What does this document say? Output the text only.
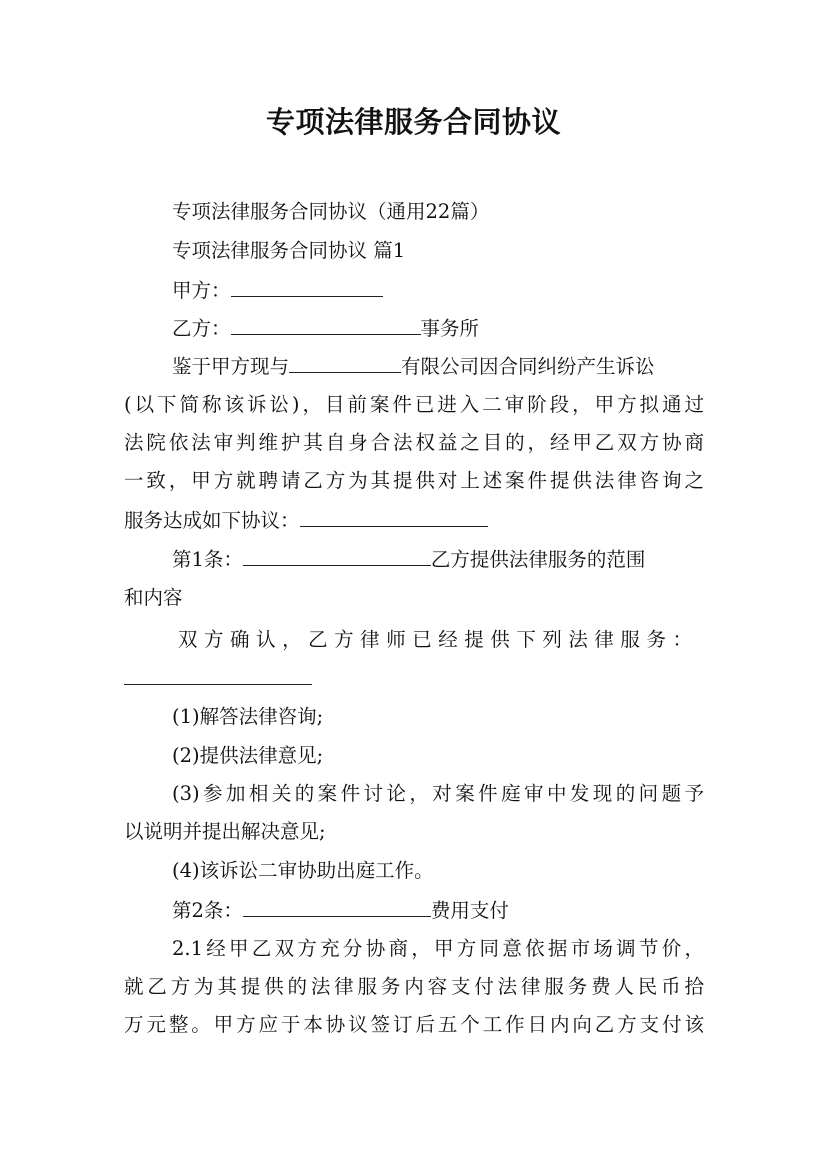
专项法律服务合同协议
专项法律服务合同协议（通用22篇）
专项法律服务合同协议 篇1
甲方：
乙方：	事务所
鉴于甲方现与	有限公司因合同纠纷产生诉讼
(以下简称该诉讼)，目前案件已进入二审阶段，甲方拟通过
法院依法审判维护其自身合法权益之目的，经甲乙双方协商
一致，甲方就聘请乙方为其提供对上述案件提供法律咨询之
服务达成如下协议：
第1条：	乙方提供法律服务的范围
和内容
双方确认，乙方律师已经提供下列法律服务：
(1)解答法律咨询;
(2)提供法律意见;
(3)参加相关的案件讨论，对案件庭审中发现的问题予
以说明并提出解决意见;
(4)该诉讼二审协助出庭工作。
第2条：	费用支付
2.1经甲乙双方充分协商，甲方同意依据市场调节价，
就乙方为其提供的法律服务内容支付法律服务费人民币拾
万元整。甲方应于本协议签订后五个工作日内向乙方支付该
